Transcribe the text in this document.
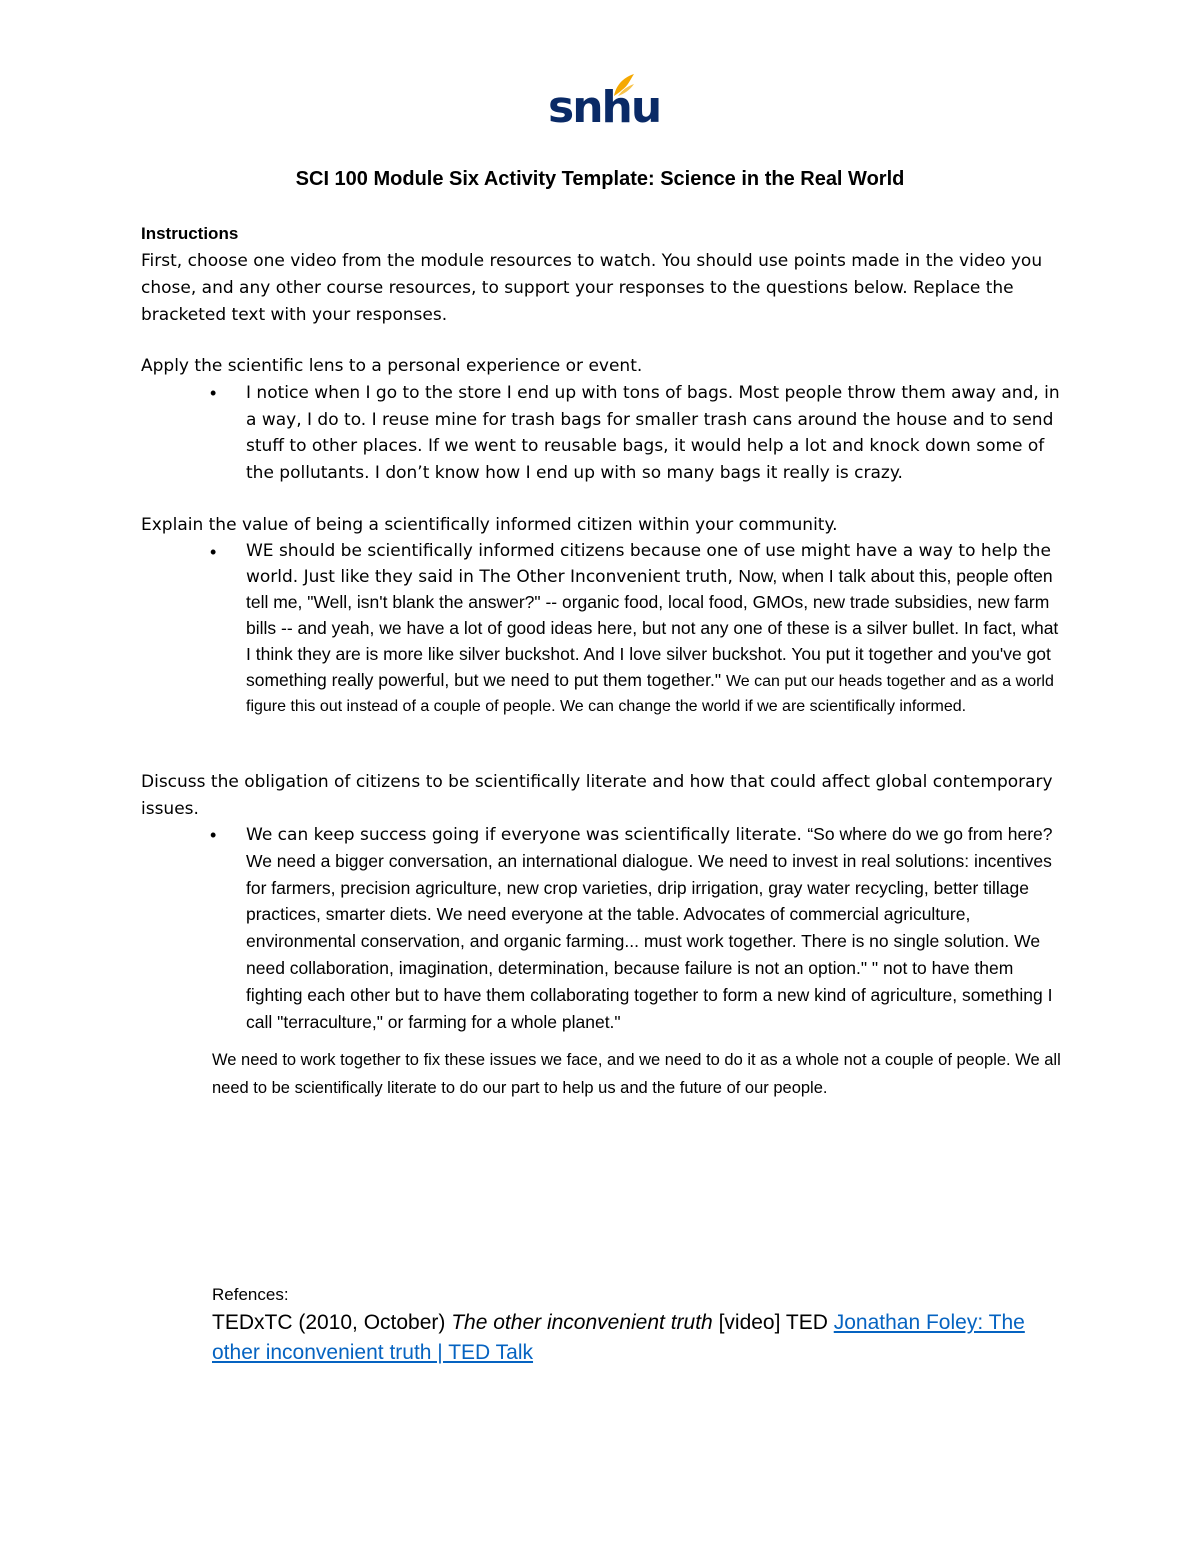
snhu
SCI 100 Module Six Activity Template: Science in the Real World
Instructions

First, choose one video from the module resources to watch. You should use points made in the video you chose, and any other course resources, to support your responses to the questions below. Replace the bracketed text with your responses.

Apply the scientific lens to a personal experience or event.

• I notice when I go to the store I end up with tons of bags. Most people throw them away and, in a way, I do to. I reuse mine for trash bags for smaller trash cans around the house and to send stuff to other places. If we went to reusable bags, it would help a lot and knock down some of the pollutants. I don’t know how I end up with so many bags it really is crazy.

Explain the value of being a scientifically informed citizen within your community.

• WE should be scientifically informed citizens because one of use might have a way to help the world. Just like they said in The Other Inconvenient truth, Now, when I talk about this, people often tell me, "Well, isn't blank the answer?" -- organic food, local food, GMOs, new trade subsidies, new farm bills -- and yeah, we have a lot of good ideas here, but not any one of these is a silver bullet. In fact, what I think they are is more like silver buckshot. And I love silver buckshot. You put it together and you've got something really powerful, but we need to put them together." We can put our heads together and as a world figure this out instead of a couple of people. We can change the world if we are scientifically informed.

Discuss the obligation of citizens to be scientifically literate and how that could affect global contemporary issues.

• We can keep success going if everyone was scientifically literate. “So where do we go from here? We need a bigger conversation, an international dialogue. We need to invest in real solutions: incentives for farmers, precision agriculture, new crop varieties, drip irrigation, gray water recycling, better tillage practices, smarter diets. We need everyone at the table. Advocates of commercial agriculture, environmental conservation, and organic farming... must work together. There is no single solution. We need collaboration, imagination, determination, because failure is not an option." " not to have them fighting each other but to have them collaborating together to form a new kind of agriculture, something I call "terraculture," or farming for a whole planet."

We need to work together to fix these issues we face, and we need to do it as a whole not a couple of people. We all need to be scientifically literate to do our part to help us and the future of our people.

Refences:

TEDxTC (2010, October) The other inconvenient truth [video] TED Jonathan Foley: The other inconvenient truth | TED Talk
